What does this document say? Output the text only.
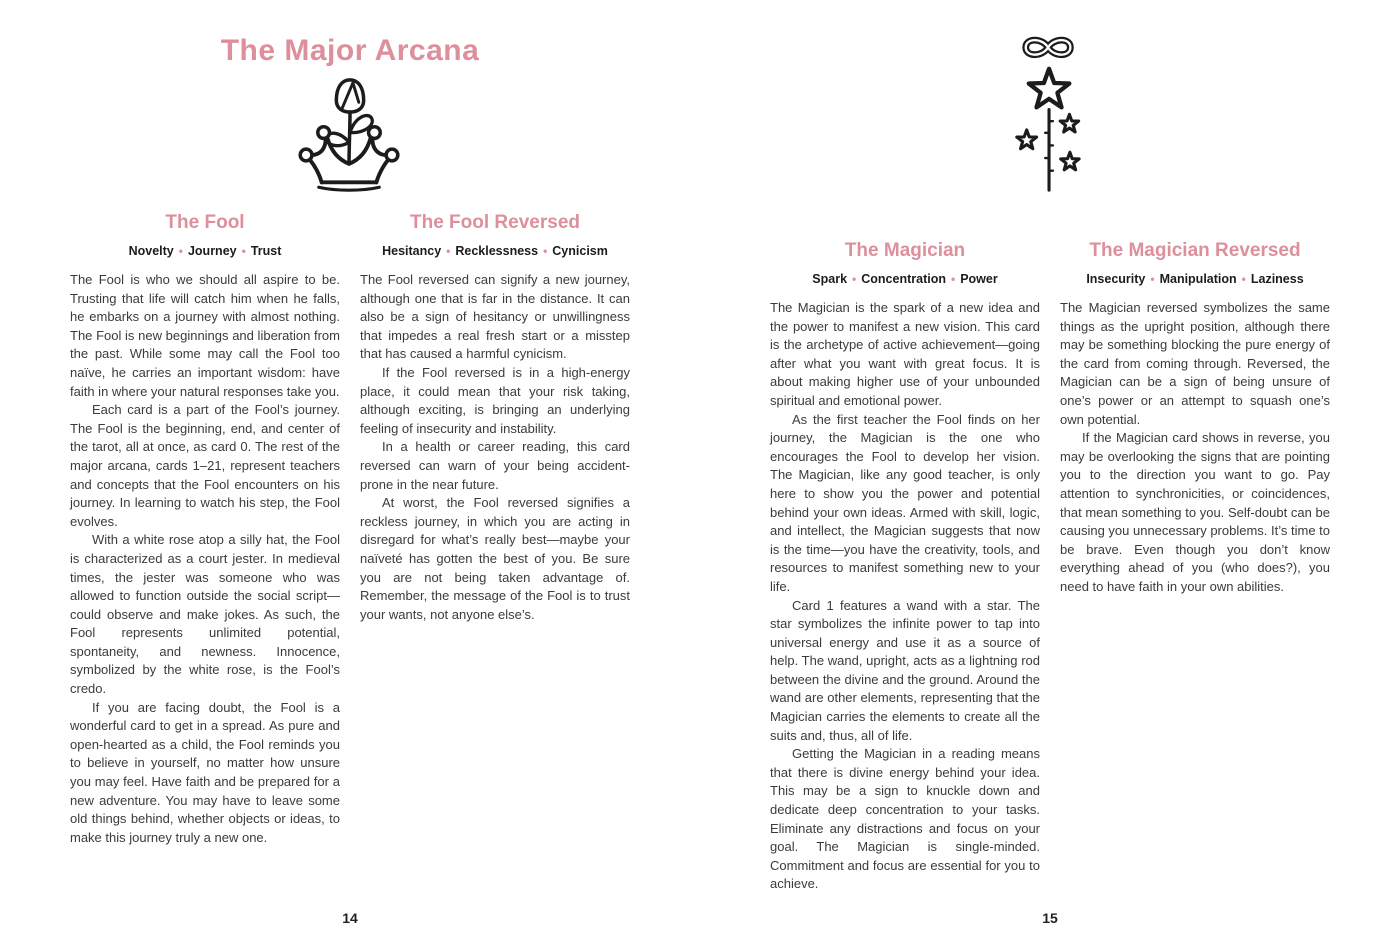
The Major Arcana
The Fool
Novelty • Journey • Trust

The Fool is who we should all aspire to be. Trusting that life will catch him when he falls, he embarks on a journey with almost nothing. The Fool is new beginnings and liberation from the past. While some may call the Fool too naïve, he carries an important wisdom: have faith in where your natural responses take you.

Each card is a part of the Fool’s journey. The Fool is the beginning, end, and center of the tarot, all at once, as card 0. The rest of the major arcana, cards 1–21, represent teachers and concepts that the Fool encounters on his journey. In learning to watch his step, the Fool evolves.

With a white rose atop a silly hat, the Fool is characterized as a court jester. In medieval times, the jester was someone who was allowed to function outside the social script—could observe and make jokes. As such, the Fool represents unlimited potential, spontaneity, and newness. Innocence, symbolized by the white rose, is the Fool’s credo.

If you are facing doubt, the Fool is a wonderful card to get in a spread. As pure and open-hearted as a child, the Fool reminds you to believe in yourself, no matter how unsure you may feel. Have faith and be prepared for a new adventure. You may have to leave some old things behind, whether objects or ideas, to make this journey truly a new one.

The Fool Reversed
Hesitancy • Recklessness • Cynicism

The Fool reversed can signify a new journey, although one that is far in the distance. It can also be a sign of hesitancy or unwillingness that impedes a real fresh start or a misstep that has caused a harmful cynicism.

If the Fool reversed is in a high-energy place, it could mean that your risk taking, although exciting, is bringing an underlying feeling of insecurity and instability.

In a health or career reading, this card reversed can warn of your being accident-prone in the near future.

At worst, the Fool reversed signifies a reckless journey, in which you are acting in disregard for what’s really best—maybe your naïveté has gotten the best of you. Be sure you are not being taken advantage of. Remember, the message of the Fool is to trust your wants, not anyone else’s.

14
The Magician
Spark • Concentration • Power

The Magician is the spark of a new idea and the power to manifest a new vision. This card is the archetype of active achievement—going after what you want with great focus. It is about making higher use of your unbounded spiritual and emotional power.

As the first teacher the Fool finds on her journey, the Magician is the one who encourages the Fool to develop her vision. The Magician, like any good teacher, is only here to show you the power and potential behind your own ideas. Armed with skill, logic, and intellect, the Magician suggests that now is the time—you have the creativity, tools, and resources to manifest something new to your life.

Card 1 features a wand with a star. The star symbolizes the infinite power to tap into universal energy and use it as a source of help. The wand, upright, acts as a lightning rod between the divine and the ground. Around the wand are other elements, representing that the Magician carries the elements to create all the suits and, thus, all of life.

Getting the Magician in a reading means that there is divine energy behind your idea. This may be a sign to knuckle down and dedicate deep concentration to your tasks. Eliminate any distractions and focus on your goal. The Magician is single-minded. Commitment and focus are essential for you to achieve.

The Magician Reversed
Insecurity • Manipulation • Laziness

The Magician reversed symbolizes the same things as the upright position, although there may be something blocking the pure energy of the card from coming through. Reversed, the Magician can be a sign of being unsure of one’s power or an attempt to squash one’s own potential.

If the Magician card shows in reverse, you may be overlooking the signs that are pointing you to the direction you want to go. Pay attention to synchronicities, or coincidences, that mean something to you. Self-doubt can be causing you unnecessary problems. It’s time to be brave. Even though you don’t know everything ahead of you (who does?), you need to have faith in your own abilities.

15
